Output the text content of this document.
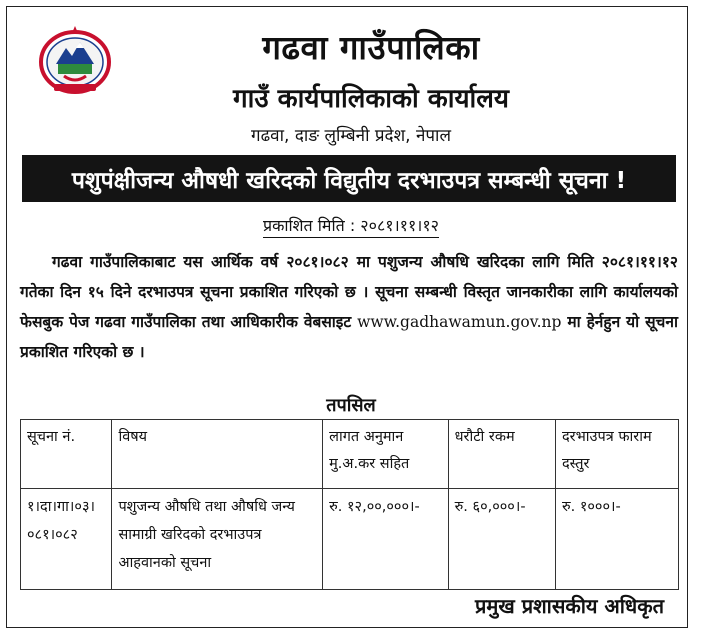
गढवा गाउँपालिका
गाउँ कार्यपालिकाको कार्यालय
गढवा, दाङ लुम्बिनी प्रदेश, नेपाल
पशुपंक्षीजन्य औषधी खरिदको विद्युतीय दरभाउपत्र सम्बन्धी सूचना !
प्रकाशित मिति : २०८१।११।१२
गढवा गाउँपालिकाबाट यस आर्थिक वर्ष २०८१।०८२ मा पशुजन्य औषधि खरिदका लागि मिति २०८१।११।१२ गतेका दिन १५ दिने दरभाउपत्र सूचना प्रकाशित गरिएको छ । सूचना सम्बन्धी विस्तृत जानकारीका लागि कार्यालयको फेसबुक पेज गढवा गाउँपालिका तथा आधिकारीक वेबसाइट www.gadhawamun.gov.np मा हेर्नहुन यो सूचना प्रकाशित गरिएको छ ।
तपसिल
सूचना नं.	विषय	लागत अनुमान मु.अ.कर सहित	धरौटी रकम	दरभाउपत्र फाराम दस्तुर
१।दा।गा।०३। ०८१।०८२	पशुजन्य औषधि तथा औषधि जन्य सामाग्री खरिदको दरभाउपत्र आहवानको सूचना	रु. १२,००,०००।-	रु. ६०,०००।-	रु. १०००।-
प्रमुख प्रशासकीय अधिकृत
